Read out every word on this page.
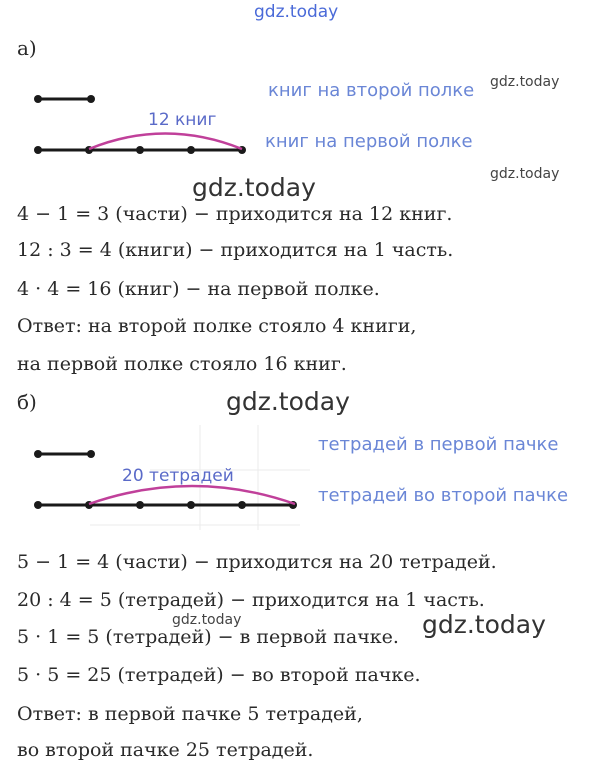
gdz.today
а)
12 книг
книг на второй полке
книг на первой полке
gdz.today
gdz.today
gdz.today
4 − 1 = 3 (части) − приходится на 12 книг.
12 : 3 = 4 (книги) − приходится на 1 часть.
4 · 4 = 16 (книг) − на первой полке.
Ответ: на второй полке стояло 4 книги,
на первой полке стояло 16 книг.
б)	gdz.today
20 тетрадей
тетрадей в первой пачке
тетрадей во второй пачке
5 − 1 = 4 (части) − приходится на 20 тетрадей.
20 : 4 = 5 (тетрадей) − приходится на 1 часть.
gdz.today	gdz.today
5 · 1 = 5 (тетрадей) − в первой пачке.
5 · 5 = 25 (тетрадей) − во второй пачке.
Ответ: в первой пачке 5 тетрадей,
во второй пачке 25 тетрадей.
